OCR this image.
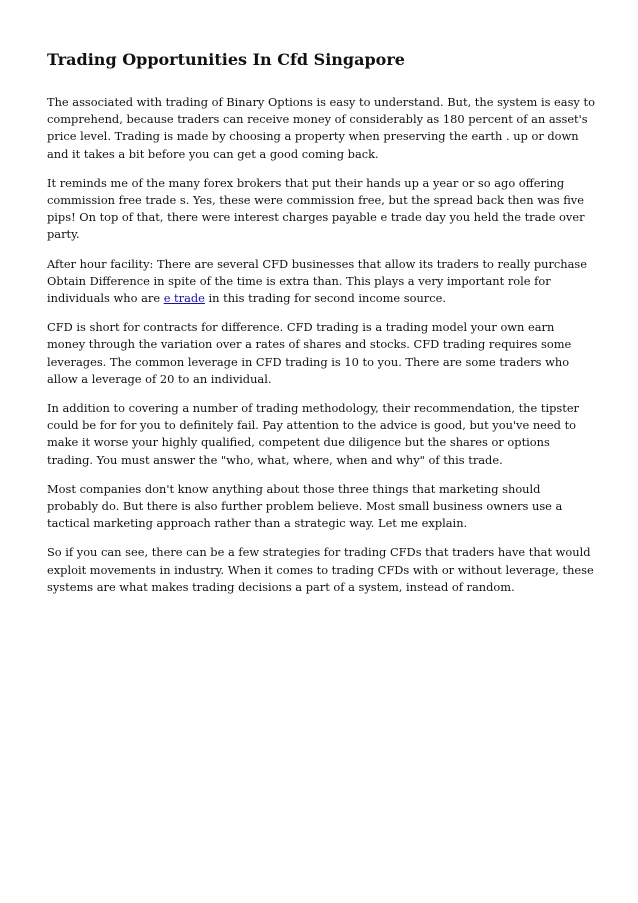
Trading Opportunities In Cfd Singapore

The associated with trading of Binary Options is easy to understand. But, the system is easy to comprehend, because traders can receive money of considerably as 180 percent of an asset's price level. Trading is made by choosing a property when preserving the earth . up or down and it takes a bit before you can get a good coming back.

It reminds me of the many forex brokers that put their hands up a year or so ago offering commission free trade s. Yes, these were commission free, but the spread back then was five pips! On top of that, there were interest charges payable e trade day you held the trade over party.

After hour facility: There are several CFD businesses that allow its traders to really purchase Obtain Difference in spite of the time is extra than. This plays a very important role for individuals who are e trade in this trading for second income source.

CFD is short for contracts for difference. CFD trading is a trading model your own earn money through the variation over a rates of shares and stocks. CFD trading requires some leverages. The common leverage in CFD trading is 10 to you. There are some traders who allow a leverage of 20 to an individual.

In addition to covering a number of trading methodology, their recommendation, the tipster could be for for you to definitely fail. Pay attention to the advice is good, but you've need to make it worse your highly qualified, competent due diligence but the shares or options trading. You must answer the "who, what, where, when and why" of this trade.

Most companies don't know anything about those three things that marketing should probably do. But there is also further problem believe. Most small business owners use a tactical marketing approach rather than a strategic way. Let me explain.

So if you can see, there can be a few strategies for trading CFDs that traders have that would exploit movements in industry. When it comes to trading CFDs with or without leverage, these systems are what makes trading decisions a part of a system, instead of random.
